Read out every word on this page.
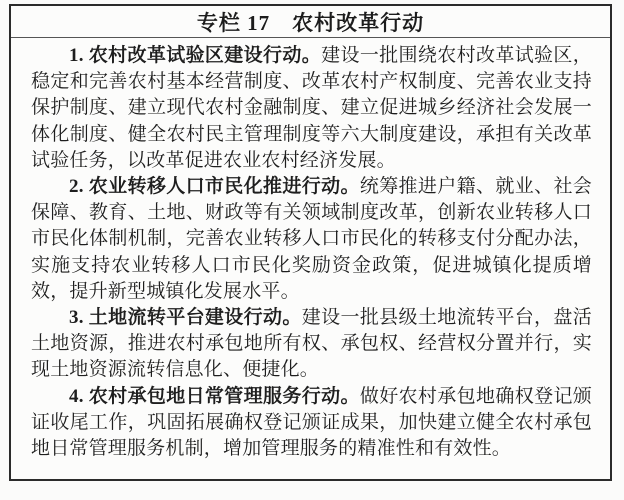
专栏 17　农村改革行动

1. 农村改革试验区建设行动。建设一批围绕农村改革试验区，稳定和完善农村基本经营制度、改革农村产权制度、完善农业支持保护制度、建立现代农村金融制度、建立促进城乡经济社会发展一体化制度、健全农村民主管理制度等六大制度建设，承担有关改革试验任务，以改革促进农业农村经济发展。

2. 农业转移人口市民化推进行动。统筹推进户籍、就业、社会保障、教育、土地、财政等有关领域制度改革，创新农业转移人口市民化体制机制，完善农业转移人口市民化的转移支付分配办法，实施支持农业转移人口市民化奖励资金政策，促进城镇化提质增效，提升新型城镇化发展水平。

3. 土地流转平台建设行动。建设一批县级土地流转平台，盘活土地资源，推进农村承包地所有权、承包权、经营权分置并行，实现土地资源流转信息化、便捷化。

4. 农村承包地日常管理服务行动。做好农村承包地确权登记颁证收尾工作，巩固拓展确权登记颁证成果，加快建立健全农村承包地日常管理服务机制，增加管理服务的精准性和有效性。
